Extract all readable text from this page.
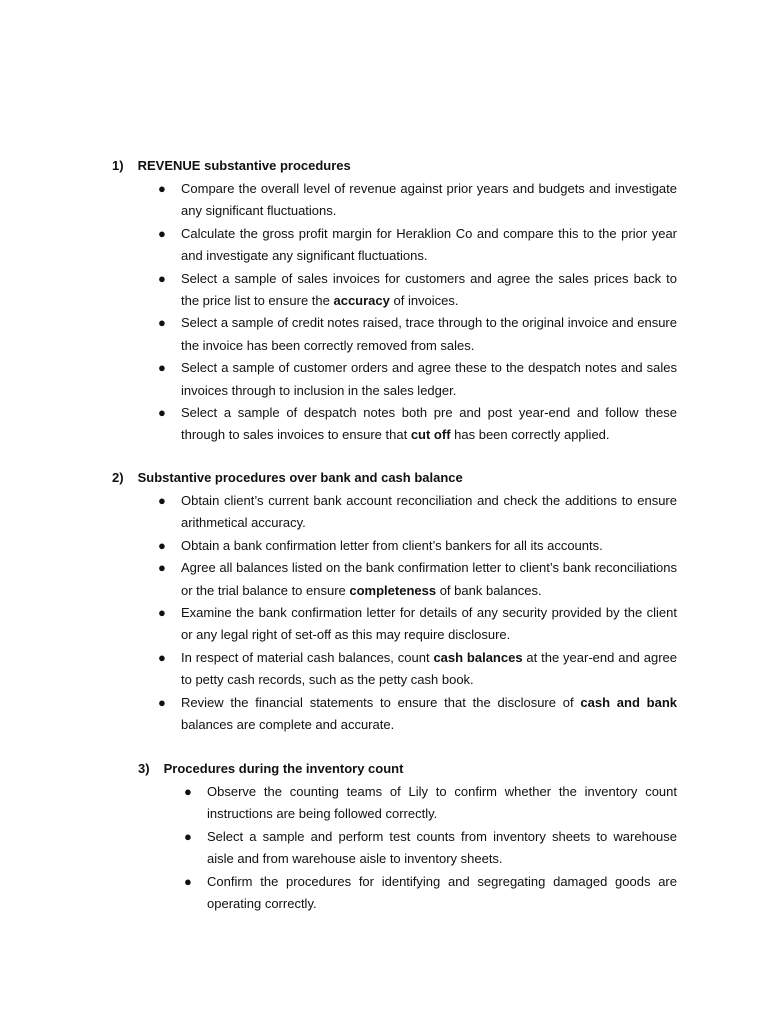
1) REVENUE substantive procedures
● Compare the overall level of revenue against prior years and budgets and investigate any significant fluctuations.
● Calculate the gross profit margin for Heraklion Co and compare this to the prior year and investigate any significant fluctuations.
● Select a sample of sales invoices for customers and agree the sales prices back to the price list to ensure the accuracy of invoices.
● Select a sample of credit notes raised, trace through to the original invoice and ensure the invoice has been correctly removed from sales.
● Select a sample of customer orders and agree these to the despatch notes and sales invoices through to inclusion in the sales ledger.
● Select a sample of despatch notes both pre and post year-end and follow these through to sales invoices to ensure that cut off has been correctly applied.
2) Substantive procedures over bank and cash balance
● Obtain client’s current bank account reconciliation and check the additions to ensure arithmetical accuracy.
● Obtain a bank confirmation letter from client’s bankers for all its accounts.
● Agree all balances listed on the bank confirmation letter to client’s bank reconciliations or the trial balance to ensure completeness of bank balances.
● Examine the bank confirmation letter for details of any security provided by the client or any legal right of set-off as this may require disclosure.
● In respect of material cash balances, count cash balances at the year-end and agree to petty cash records, such as the petty cash book.
● Review the financial statements to ensure that the disclosure of cash and bank balances are complete and accurate.
3) Procedures during the inventory count
● Observe the counting teams of Lily to confirm whether the inventory count instructions are being followed correctly.
● Select a sample and perform test counts from inventory sheets to warehouse aisle and from warehouse aisle to inventory sheets.
● Confirm the procedures for identifying and segregating damaged goods are operating correctly.
